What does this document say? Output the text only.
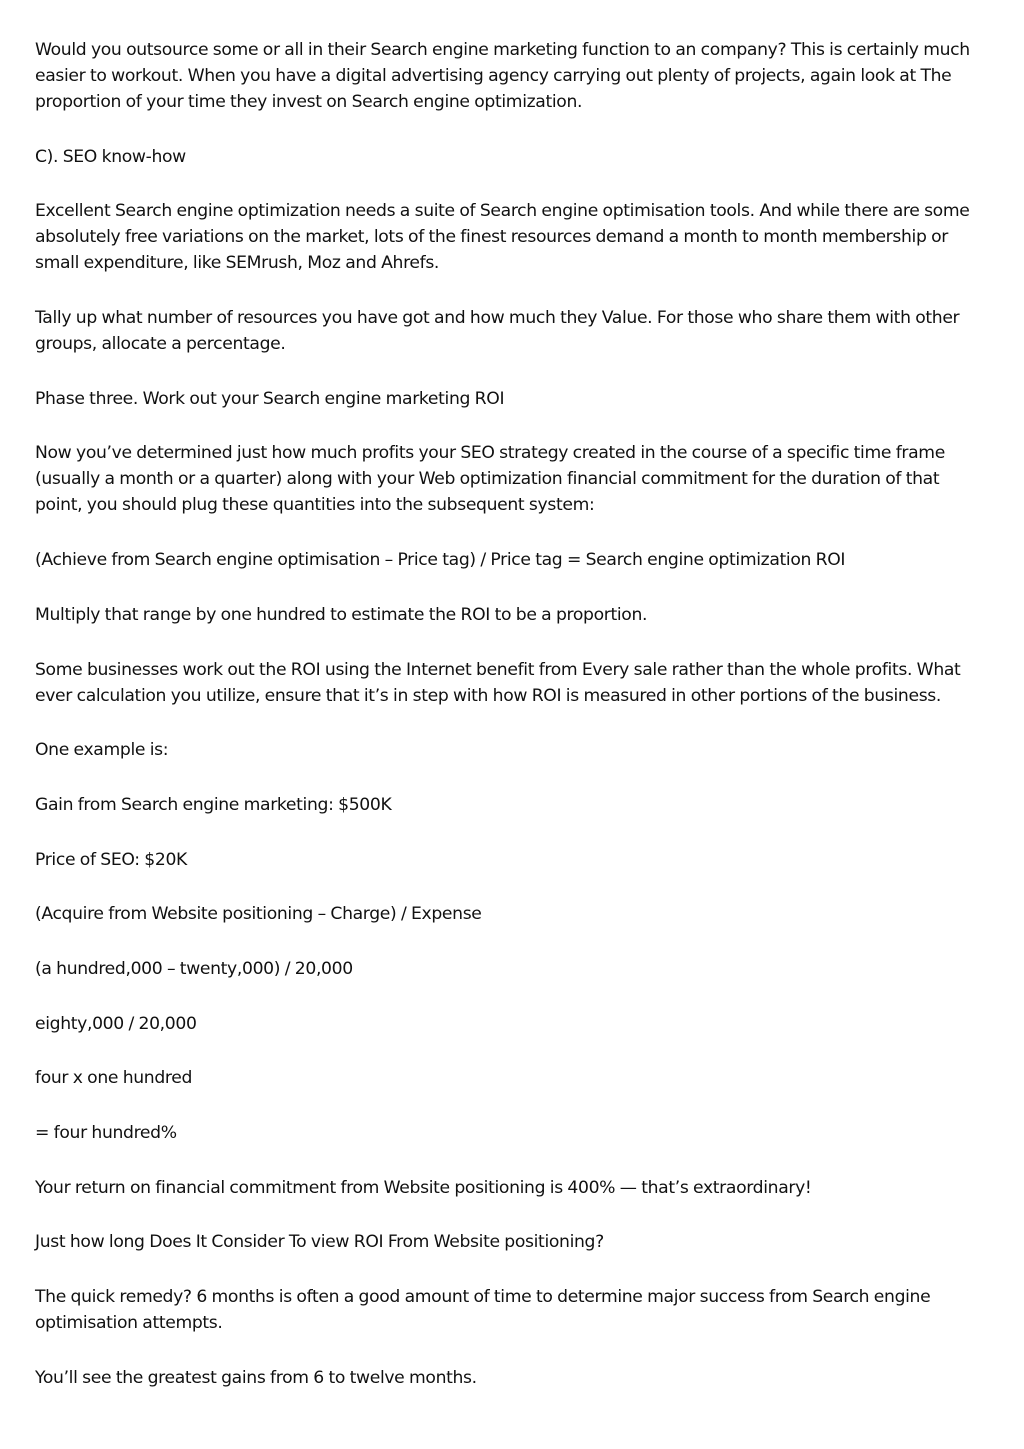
Would you outsource some or all in their Search engine marketing function to an company? This is certainly much easier to workout. When you have a digital advertising agency carrying out plenty of projects, again look at The proportion of your time they invest on Search engine optimization.

C). SEO know-how

Excellent Search engine optimization needs a suite of Search engine optimisation tools. And while there are some absolutely free variations on the market, lots of the finest resources demand a month to month membership or small expenditure, like SEMrush, Moz and Ahrefs.

Tally up what number of resources you have got and how much they Value. For those who share them with other groups, allocate a percentage.

Phase three. Work out your Search engine marketing ROI

Now you’ve determined just how much profits your SEO strategy created in the course of a specific time frame (usually a month or a quarter) along with your Web optimization financial commitment for the duration of that point, you should plug these quantities into the subsequent system:

(Achieve from Search engine optimisation – Price tag) / Price tag = Search engine optimization ROI

Multiply that range by one hundred to estimate the ROI to be a proportion.

Some businesses work out the ROI using the Internet benefit from Every sale rather than the whole profits. What ever calculation you utilize, ensure that it’s in step with how ROI is measured in other portions of the business.

One example is:

Gain from Search engine marketing: $500K

Price of SEO: $20K

(Acquire from Website positioning – Charge) / Expense

(a hundred,000 – twenty,000) / 20,000

eighty,000 / 20,000

four x one hundred

= four hundred%

Your return on financial commitment from Website positioning is 400% — that’s extraordinary!

Just how long Does It Consider To view ROI From Website positioning?

The quick remedy? 6 months is often a good amount of time to determine major success from Search engine optimisation attempts.

You’ll see the greatest gains from 6 to twelve months.
